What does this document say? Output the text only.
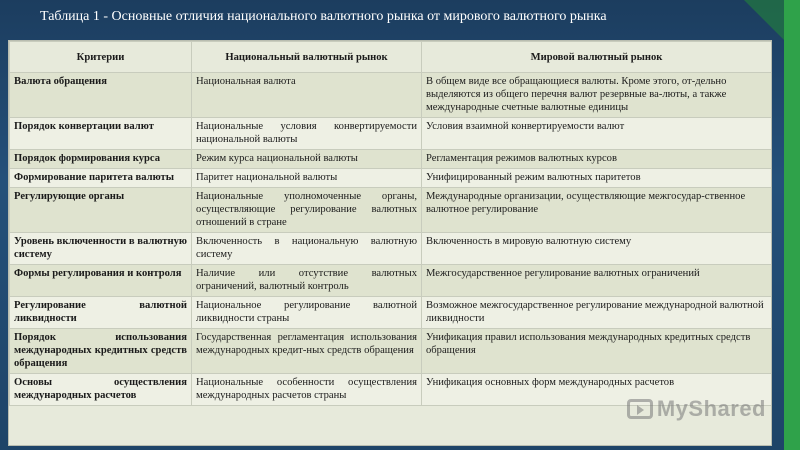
Таблица 1 - Основные отличия национального валютного рынка от мирового валютного рынка
Критерии	Национальный валютный рынок	Мировой валютный рынок
Валюта обращения	Национальная валюта	В общем виде все обращающиеся валюты. Кроме этого, от-дельно выделяются из общего перечня валют резервные ва-люты, а также международные счетные валютные единицы
Порядок конвертации валют	Национальные условия конвертируемости национальной валюты	Условия взаимной конвертируемости валют
Порядок формирования курса	Режим курса национальной валюты	Регламентация режимов валютных курсов
Формирование паритета валюты	Паритет национальной валюты	Унифицированный режим валютных паритетов
Регулирующие органы	Национальные уполномоченные органы, осуществляющие регулирование валютных отношений в стране	Международные организации, осуществляющие межгосудар-ственное валютное регулирование
Уровень включенности в валютную систему	Включенность в национальную валютную систему	Включенность в мировую валютную систему
Формы регулирования и контроля	Наличие или отсутствие валютных ограничений, валютный контроль	Межгосударственное регулирование валютных ограничений
Регулирование валютной ликвидности	Национальное регулирование валютной ликвидности страны	Возможное межгосударственное регулирование международной валютной ликвидности
Порядок использования международных кредитных средств обращения	Государственная регламентация использования международных кредит-ных средств обращения	Унификация правил использования международных кредитных средств обращения
Основы осуществления международных расчетов	Национальные особенности осуществления международных расчетов страны	Унификация основных форм международных расчетов
MyShared
